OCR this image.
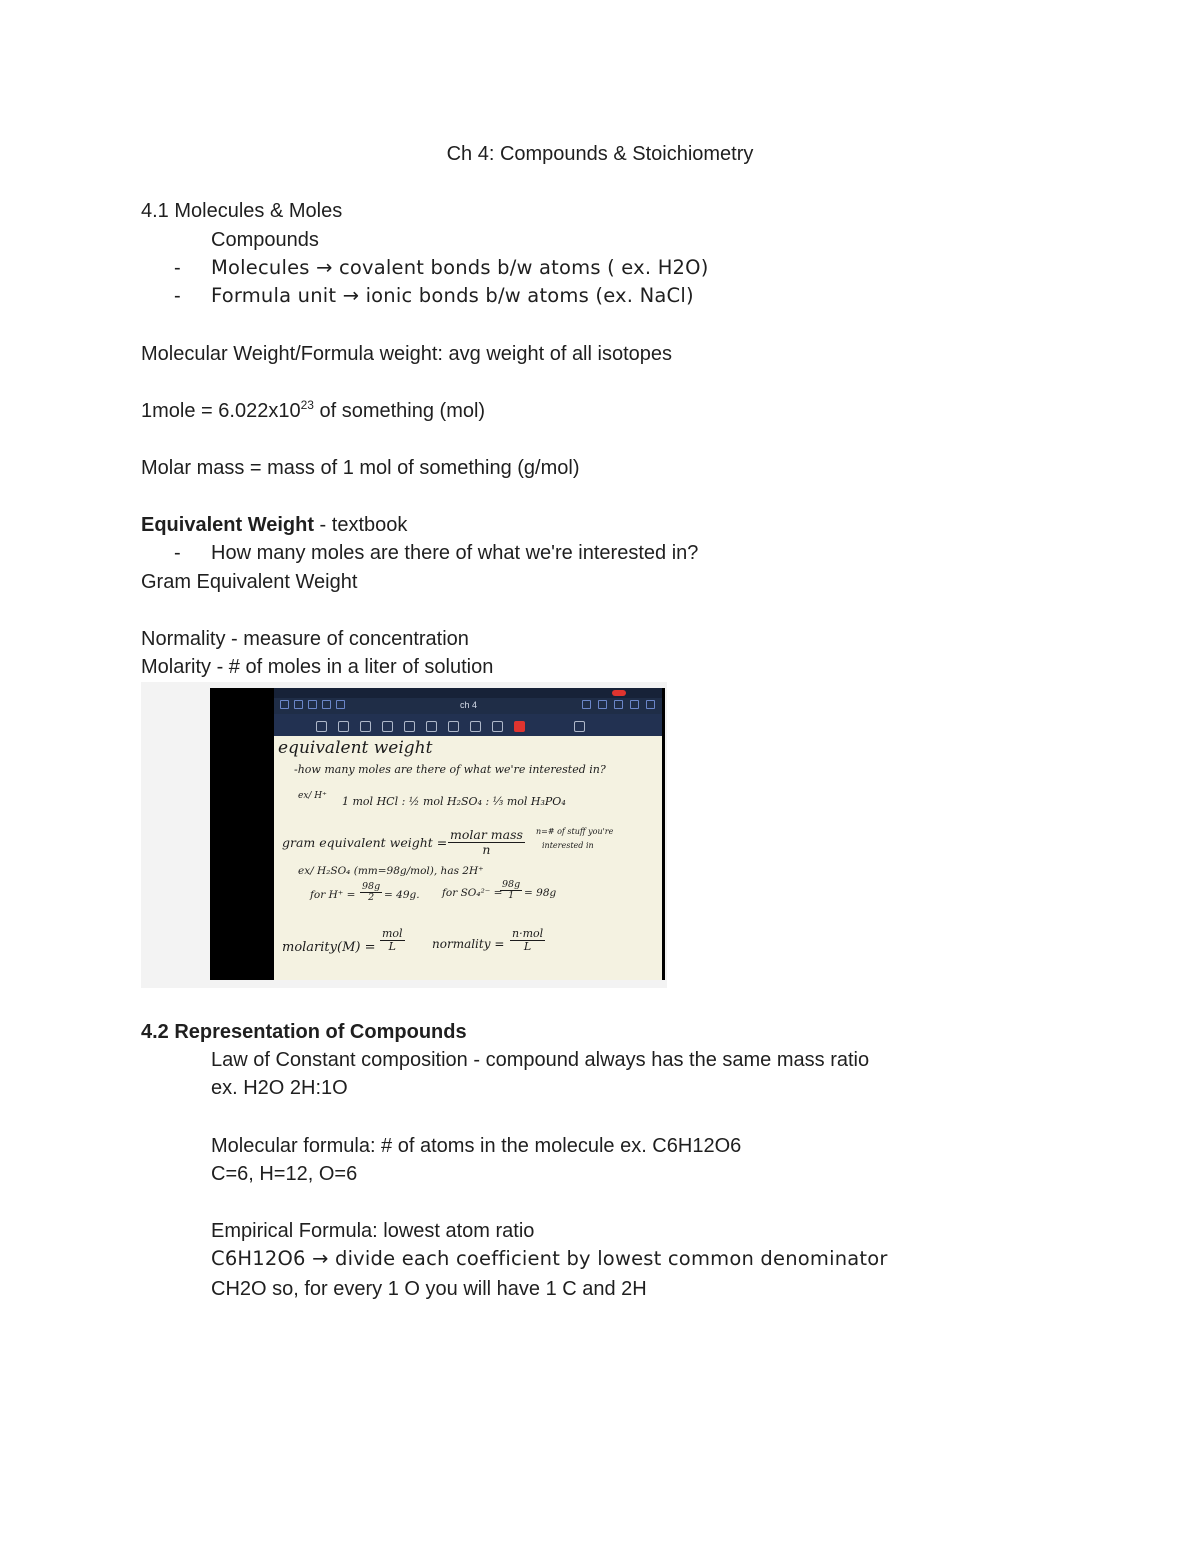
Ch 4: Compounds & Stoichiometry
4.1 Molecules & Moles
Compounds
- Molecules → covalent bonds b/w atoms ( ex. H2O)
- Formula unit → ionic bonds b/w atoms (ex. NaCl)
Molecular Weight/Formula weight: avg weight of all isotopes
1mole = $6.022x10^{23}$ of something (mol)
Molar mass = mass of 1 mol of something (g/mol)
Equivalent Weight - textbook
- How many moles are there of what we're interested in?
Gram Equivalent Weight
Normality - measure of concentration
Molarity - # of moles in a liter of solution
ch 4
equivalent weight
-how many moles are there of what we're interested in?
ex/ H⁺ 1 mol HCl : ½ mol H₂SO₄ : ⅓ mol H₃PO₄
gram equivalent weight =
molar mass
n
n=# of stuff you're
interested in
ex/ H₂SO₄ (mm=98g/mol), has 2H⁺
for $H^+ = \frac{98g}{2} = 49g$. for SO₄²⁻ =
$\frac{98g}{1} = 98g$
molarity(M) =
mol
L	normality =
n·mol
L
4.2 Representation of Compounds
Law of Constant composition - compound always has the same mass ratio
ex. H2O 2H:1O
Molecular formula: # of atoms in the molecule ex. C6H12O6
C=6, H=12, O=6
Empirical Formula: lowest atom ratio
C6H12O6 → divide each coefficient by lowest common denominator
CH2O so, for every 1 O you will have 1 C and 2H
